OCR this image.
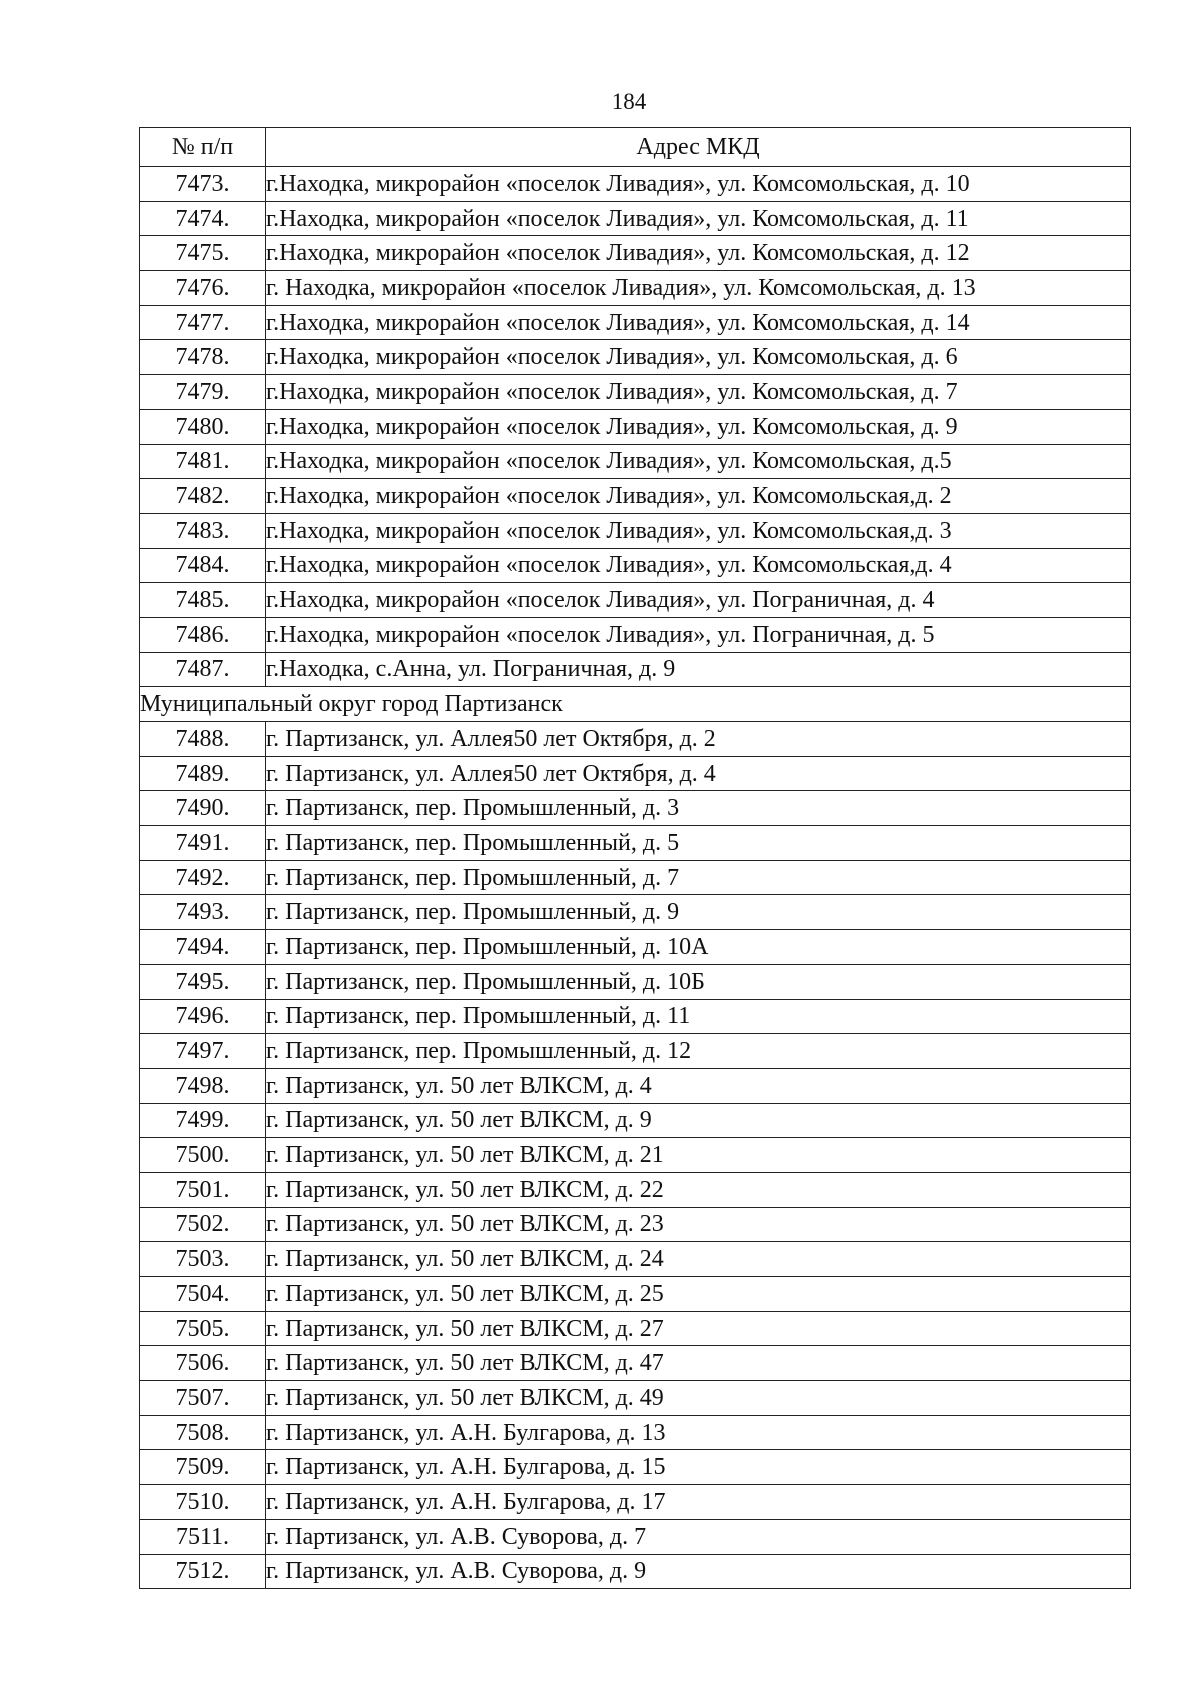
184
№ п/п	Адрес МКД
7473.	г.Находка, микрорайон «поселок Ливадия», ул. Комсомольская, д. 10
7474.	г.Находка, микрорайон «поселок Ливадия», ул. Комсомольская, д. 11
7475.	г.Находка, микрорайон «поселок Ливадия», ул. Комсомольская, д. 12
7476.	г. Находка, микрорайон «поселок Ливадия», ул. Комсомольская, д. 13
7477.	г.Находка, микрорайон «поселок Ливадия», ул. Комсомольская, д. 14
7478.	г.Находка, микрорайон «поселок Ливадия», ул. Комсомольская, д. 6
7479.	г.Находка, микрорайон «поселок Ливадия», ул. Комсомольская, д. 7
7480.	г.Находка, микрорайон «поселок Ливадия», ул. Комсомольская, д. 9
7481.	г.Находка, микрорайон «поселок Ливадия», ул. Комсомольская, д.5
7482.	г.Находка, микрорайон «поселок Ливадия», ул. Комсомольская,д. 2
7483.	г.Находка, микрорайон «поселок Ливадия», ул. Комсомольская,д. 3
7484.	г.Находка, микрорайон «поселок Ливадия», ул. Комсомольская,д. 4
7485.	г.Находка, микрорайон «поселок Ливадия», ул. Пограничная, д. 4
7486.	г.Находка, микрорайон «поселок Ливадия», ул. Пограничная, д. 5
7487.	г.Находка, с.Анна, ул. Пограничная, д. 9
Муниципальный округ город Партизанск	
7488.	г. Партизанск, ул. Аллея50 лет Октября, д. 2
7489.	г. Партизанск, ул. Аллея50 лет Октября, д. 4
7490.	г. Партизанск, пер. Промышленный, д. 3
7491.	г. Партизанск, пер. Промышленный, д. 5
7492.	г. Партизанск, пер. Промышленный, д. 7
7493.	г. Партизанск, пер. Промышленный, д. 9
7494.	г. Партизанск, пер. Промышленный, д. 10А
7495.	г. Партизанск, пер. Промышленный, д. 10Б
7496.	г. Партизанск, пер. Промышленный, д. 11
7497.	г. Партизанск, пер. Промышленный, д. 12
7498.	г. Партизанск, ул. 50 лет ВЛКСМ, д. 4
7499.	г. Партизанск, ул. 50 лет ВЛКСМ, д. 9
7500.	г. Партизанск, ул. 50 лет ВЛКСМ, д. 21
7501.	г. Партизанск, ул. 50 лет ВЛКСМ, д. 22
7502.	г. Партизанск, ул. 50 лет ВЛКСМ, д. 23
7503.	г. Партизанск, ул. 50 лет ВЛКСМ, д. 24
7504.	г. Партизанск, ул. 50 лет ВЛКСМ, д. 25
7505.	г. Партизанск, ул. 50 лет ВЛКСМ, д. 27
7506.	г. Партизанск, ул. 50 лет ВЛКСМ, д. 47
7507.	г. Партизанск, ул. 50 лет ВЛКСМ, д. 49
7508.	г. Партизанск, ул. А.Н. Булгарова, д. 13
7509.	г. Партизанск, ул. А.Н. Булгарова, д. 15
7510.	г. Партизанск, ул. А.Н. Булгарова, д. 17
7511.	г. Партизанск, ул. А.В. Суворова, д. 7
7512.	г. Партизанск, ул. А.В. Суворова, д. 9
